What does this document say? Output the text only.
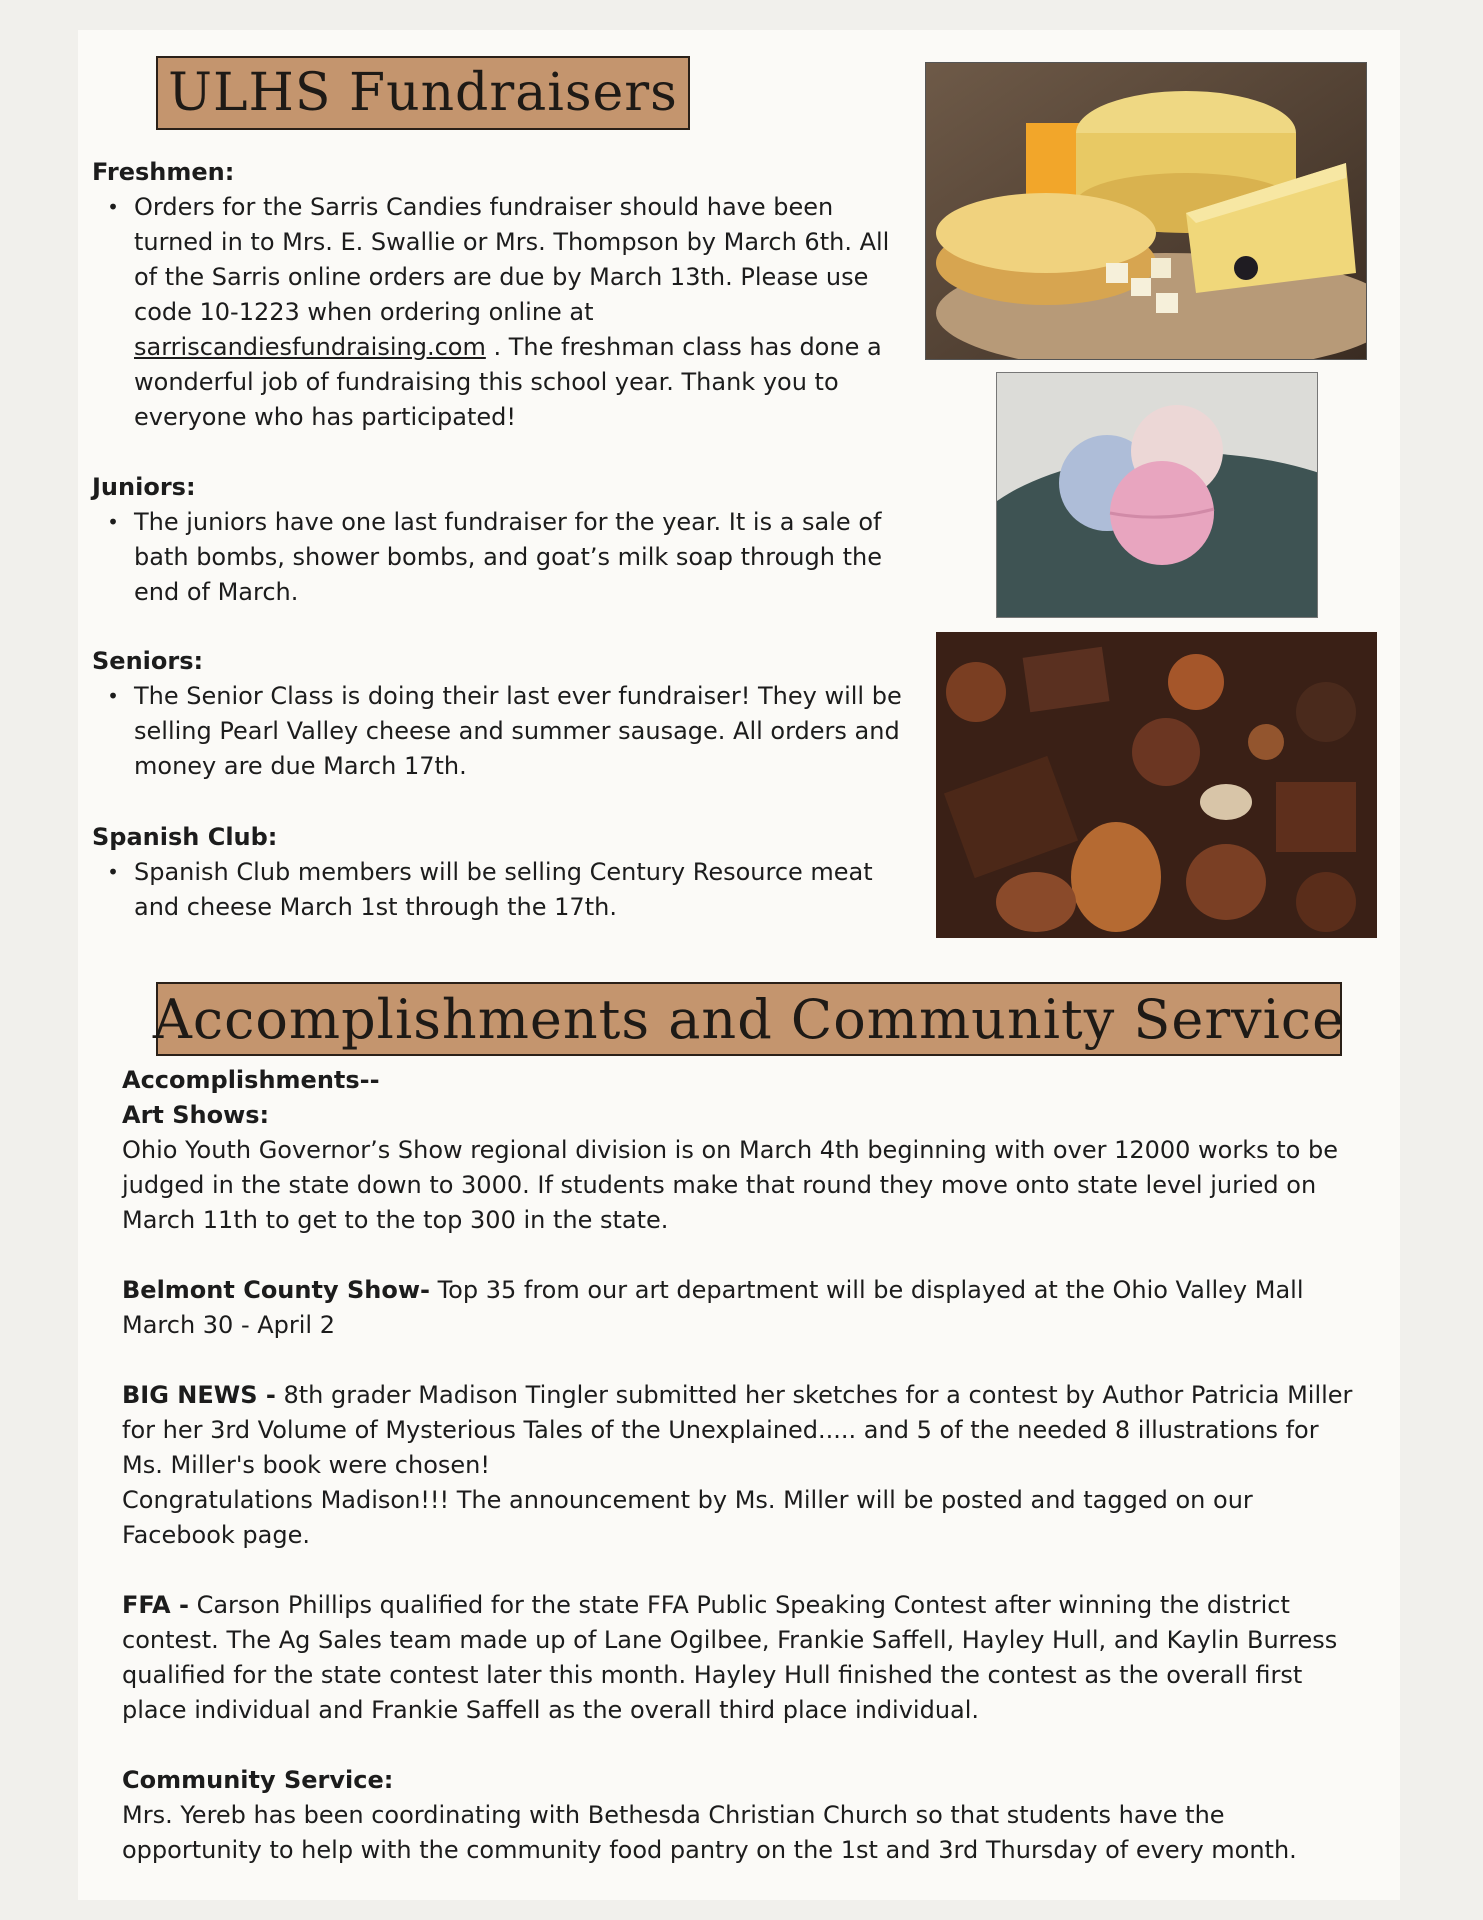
ULHS Fundraisers
Freshmen:
• Orders for the Sarris Candies fundraiser should have been turned in to Mrs. E. Swallie or Mrs. Thompson by March 6th. All of the Sarris online orders are due by March 13th. Please use code 10-1223 when ordering online at sarriscandiesfundraising.com . The freshman class has done a wonderful job of fundraising this school year. Thank you to everyone who has participated!
Juniors:
• The juniors have one last fundraiser for the year. It is a sale of bath bombs, shower bombs, and goat’s milk soap through the end of March.
Seniors:
• The Senior Class is doing their last ever fundraiser! They will be selling Pearl Valley cheese and summer sausage. All orders and money are due March 17th.
Spanish Club:
• Spanish Club members will be selling Century Resource meat and cheese March 1st through the 17th.
Accomplishments and Community Service
Accomplishments--
Art Shows:

Ohio Youth Governor’s Show regional division is on March 4th beginning with over 12000 works to be judged in the state down to 3000. If students make that round they move onto state level juried on March 11th to get to the top 300 in the state.

Belmont County Show- Top 35 from our art department will be displayed at the Ohio Valley Mall
March 30 - April 2

BIG NEWS - 8th grader Madison Tingler submitted her sketches for a contest by Author Patricia Miller for her 3rd Volume of Mysterious Tales of the Unexplained..... and 5 of the needed 8 illustrations for Ms. Miller's book were chosen!
Congratulations Madison!!! The announcement by Ms. Miller will be posted and tagged on our Facebook page.

FFA - Carson Phillips qualified for the state FFA Public Speaking Contest after winning the district contest. The Ag Sales team made up of Lane Ogilbee, Frankie Saffell, Hayley Hull, and Kaylin Burress qualified for the state contest later this month. Hayley Hull finished the contest as the overall first place individual and Frankie Saffell as the overall third place individual.

Community Service:
Mrs. Yereb has been coordinating with Bethesda Christian Church so that students have the opportunity to help with the community food pantry on the 1st and 3rd Thursday of every month.
